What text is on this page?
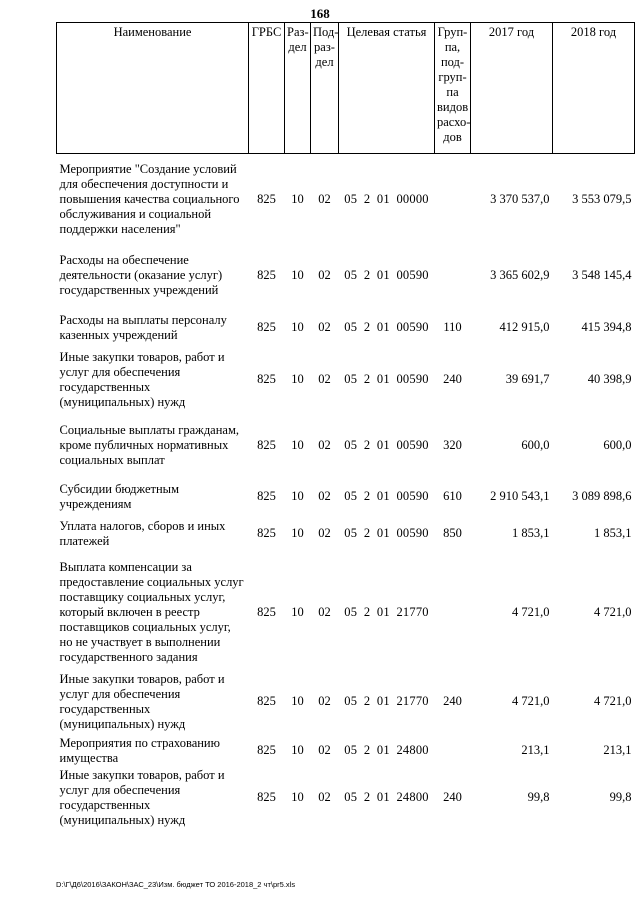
168
Наименование	ГРБС	Раз-дел	Под-раз-дел	Целевая статья	Груп-па, под-груп-па видов расхо-дов	2017 год	2018 год
Мероприятие "Создание условий для обеспечения доступности и повышения качества социального обслуживания и социальной поддержки населения"	825	10	02	05  2  01  00000		3 370 537,0	3 553 079,5
Расходы на обеспечение деятельности (оказание услуг) государственных учреждений	825	10	02	05  2  01  00590		3 365 602,9	3 548 145,4
Расходы на выплаты персоналу казенных учреждений	825	10	02	05  2  01  00590	110	412 915,0	415 394,8
Иные закупки товаров, работ и услуг для обеспечения государственных (муниципальных) нужд	825	10	02	05  2  01  00590	240	39 691,7	40 398,9
Социальные выплаты гражданам, кроме публичных нормативных социальных выплат	825	10	02	05  2  01  00590	320	600,0	600,0
Субсидии бюджетным учреждениям	825	10	02	05  2  01  00590	610	2 910 543,1	3 089 898,6
Уплата налогов, сборов и иных платежей	825	10	02	05  2  01  00590	850	1 853,1	1 853,1
Выплата компенсации за предоставление социальных услуг поставщику социальных услуг, который включен в реестр поставщиков социальных услуг, но не участвует в выполнении государственного задания	825	10	02	05  2  01  21770		4 721,0	4 721,0
Иные закупки товаров, работ и услуг для обеспечения государственных (муниципальных) нужд	825	10	02	05  2  01  21770	240	4 721,0	4 721,0
Мероприятия по страхованию имущества	825	10	02	05  2  01  24800		213,1	213,1
Иные закупки товаров, работ и услуг для обеспечения государственных (муниципальных) нужд	825	10	02	05  2  01  24800	240	99,8	99,8
D:\Г\Д6\2016\ЗАКОН\ЗАС_23\Изм. бюджет ТО 2016-2018_2 чт\pr5.xls
